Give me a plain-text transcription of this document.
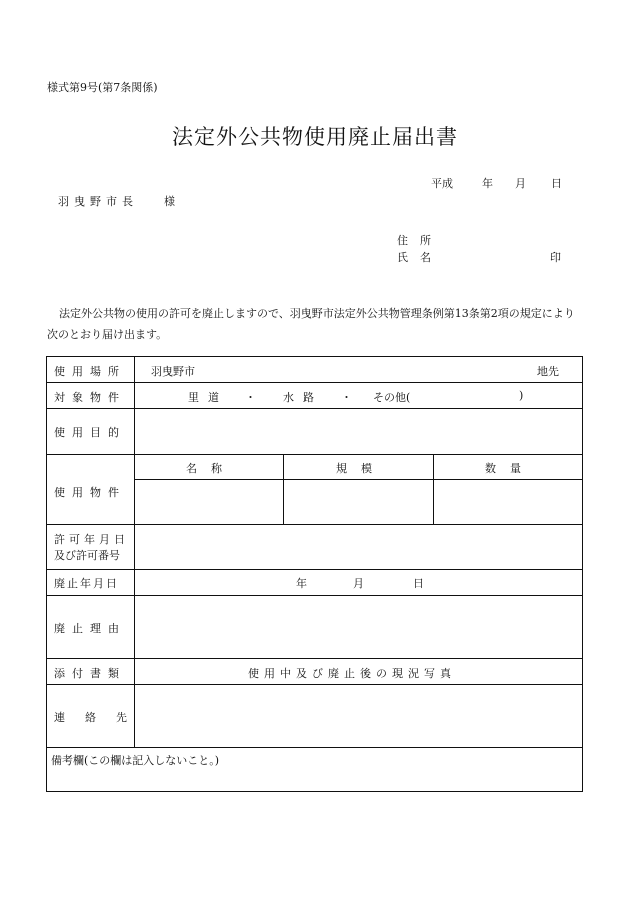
様式第9号(第7条関係)
法定外公共物使用廃止届出書
平成	年 月 日
羽曳野市長 様
住所
氏名	印
法定外公共物の使用の許可を廃止しますので、羽曳野市法定外公共物管理条例第13条第2項の規定により次のとおり届け出ます。
使用場所 羽曳野市	地先
対象物件	里道 ・ 水路 ・ その他(	)
使用目的
使用物件
名称	規模	数量
許可年月日
及び許可番号
廃止年月日	年	月	日
廃止理由
添付書類	使用中及び廃止後の現況写真
連絡先
備考欄(この欄は記入しないこと。)
